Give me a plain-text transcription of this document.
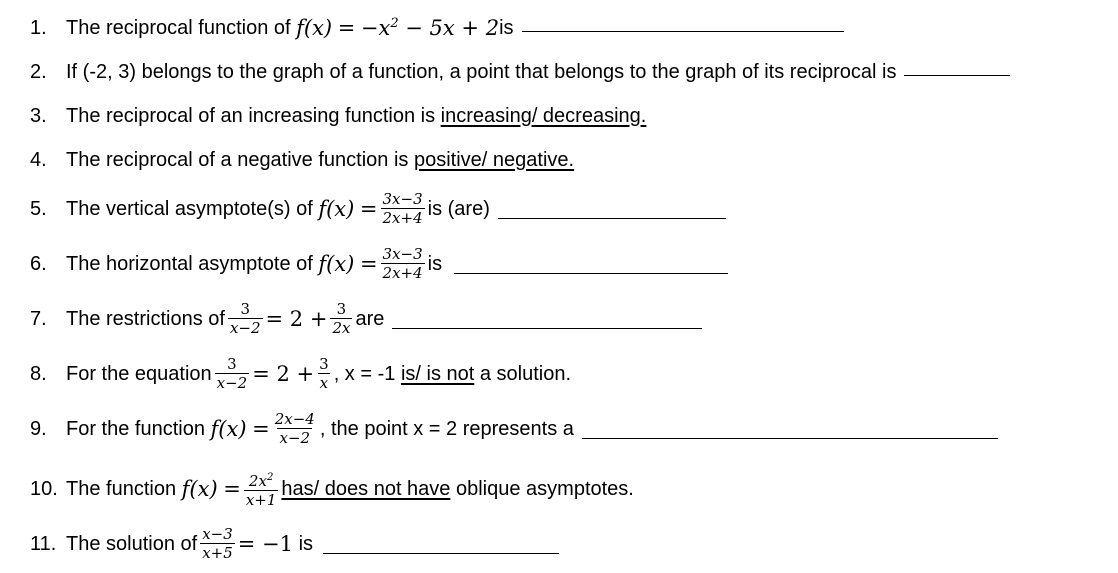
1. The reciprocal function of
f(x)
=
$-x^2 - 5x + 2$ is
2. If (-2, 3) belongs to the graph of a function, a point that belongs to the graph of its reciprocal is
3. The reciprocal of an increasing function is
increasing/ decreasing.
4. The reciprocal of a negative function is
positive/ negative.
5. The vertical asymptote(s) of
f(x)
= $\frac{3x-3}{2x+4}$ is (are)
6. The horizontal asymptote of
f(x)
= $\frac{3x-3}{2x+4}$ is
7. The restrictions of $\frac{3}{x-2} = 2 + \frac{3}{2x}$ are
8. For the equation $\frac{3}{x-2} = 2 + \frac{3}{x}$ , x = -1 is/ is not a solution.
9. For the function
f(x)
= $\frac{2x-4}{x-2}$ , the point x = 2 represents a
10. The function
f(x)
= $\frac{2x^2}{x+1} has/$ does not have oblique asymptotes.
11. The solution of $\frac{x-3}{x+5} = -1$ is
